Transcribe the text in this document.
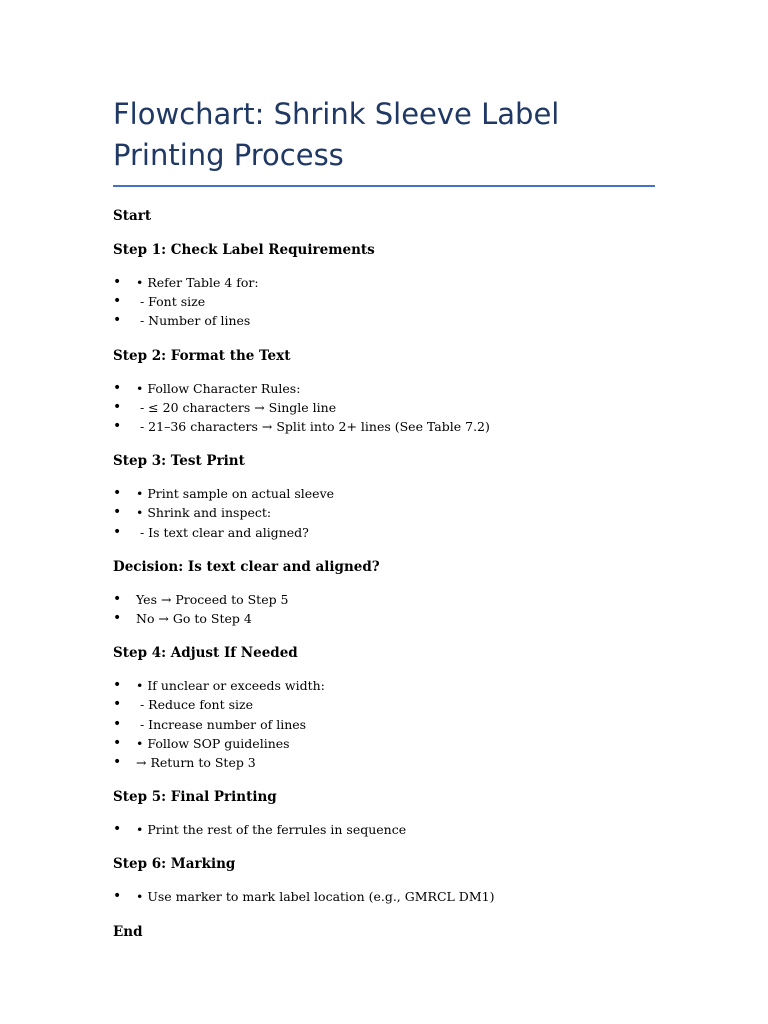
Flowchart: Shrink Sleeve Label Printing Process

Start

Step 1: Check Label Requirements

• • Refer Table 4 for:
•  - Font size
•  - Number of lines

Step 2: Format the Text

• • Follow Character Rules:
•  - ≤ 20 characters → Single line
•  - 21–36 characters → Split into 2+ lines (See Table 7.2)

Step 3: Test Print

• • Print sample on actual sleeve
• • Shrink and inspect:
•  - Is text clear and aligned?

Decision: Is text clear and aligned?

• Yes → Proceed to Step 5
• No → Go to Step 4

Step 4: Adjust If Needed

• • If unclear or exceeds width:
•  - Reduce font size
•  - Increase number of lines
• • Follow SOP guidelines
• → Return to Step 3

Step 5: Final Printing

• • Print the rest of the ferrules in sequence

Step 6: Marking

• • Use marker to mark label location (e.g., GMRCL DM1)

End
